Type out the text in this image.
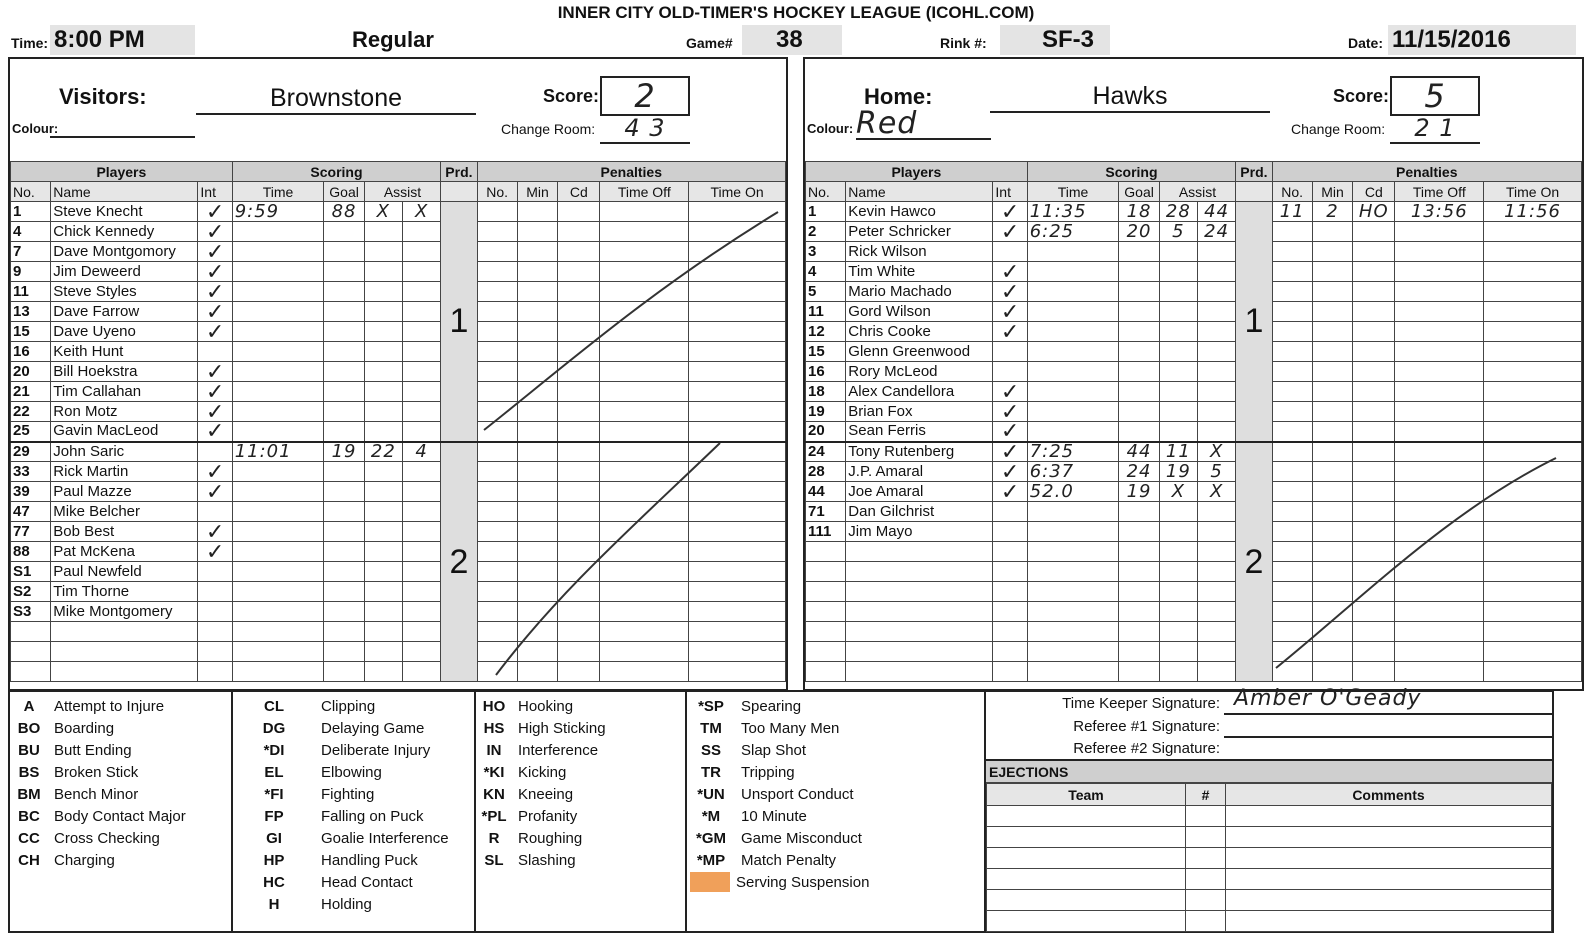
INNER CITY OLD-TIMER'S HOCKEY LEAGUE (ICOHL.COM)
Time: 8:00 PM	Regular	Game#	38	Rink #:	SF-3	Date: 11/15/2016
Visitors:	Brownstone
Colour:
Score:	2
Change Room:	4 3
Players			Scoring				Prd.	Penalties				
No.	Name	Int	Time	Goal	Assist			No.	Min	Cd	Time Off	Time On
1	Steve Knecht	✓	9:59	88	X	X	1					
4	Chick Kennedy	✓										
7	Dave Montgomory	✓										
9	Jim Deweerd	✓										
11	Steve Styles	✓										
13	Dave Farrow	✓										
15	Dave Uyeno	✓										
16	Keith Hunt											
20	Bill Hoekstra	✓										
21	Tim Callahan	✓										
22	Ron Motz	✓										
25	Gavin MacLeod	✓										
29	John Saric		11:01	19	22	4	2					
33	Rick Martin	✓										
39	Paul Mazze	✓										
47	Mike Belcher											
77	Bob Best	✓										
88	Pat McKena	✓										
S1	Paul Newfeld											
S2	Tim Thorne											
S3	Mike Montgomery											

Home:	Hawks
Colour: Red
Score:	5
Change Room:	2 1
Players			Scoring				Prd.	Penalties				
No.	Name	Int	Time	Goal	Assist			No.	Min	Cd	Time Off	Time On
1	Kevin Hawco	✓	11:35	18	28	44	1	11	2	HO	13:56	11:56
2	Peter Schricker	✓	6:25	20	5	24						
3	Rick Wilson											
4	Tim White	✓										
5	Mario Machado	✓										
11	Gord Wilson	✓										
12	Chris Cooke	✓										
15	Glenn Greenwood											
16	Rory McLeod											
18	Alex Candellora	✓										
19	Brian Fox	✓										
20	Sean Ferris	✓										
24	Tony Rutenberg	✓	7:25	44	11	X	2					
28	J.P. Amaral	✓	6:37	24	19	5						
44	Joe Amaral	✓	52.0	19	X	X						
71	Dan Gilchrist											
111	Jim Mayo											

A	Attempt to Injure
BO Boarding
BU Butt Ending
BS Broken Stick
BM Bench Minor
BC Body Contact Major
CC Cross Checking
CH Charging
CL	Clipping
DG	Delaying Game
*DI	Deliberate Injury
EL	Elbowing
*FI	Fighting
FP	Falling on Puck
GI	Goalie Interference
HP	Handling Puck
HC	Head Contact
H	Holding
HO Hooking
HS High Sticking
IN	Interference
*KI Kicking
KN Kneeing
*PL Profanity
R	Roughing
SL Slashing
*SP	Spearing
TM	Too Many Men
SS	Slap Shot
TR	Tripping
*UN	Unsport Conduct
*M	10 Minute
*GM	Game Misconduct
*MP	Match Penalty
Serving Suspension
Time Keeper Signature: Amber O'Geady
Referee #1 Signature:
Referee #2 Signature:
EJECTIONS
Team	#	Comments
